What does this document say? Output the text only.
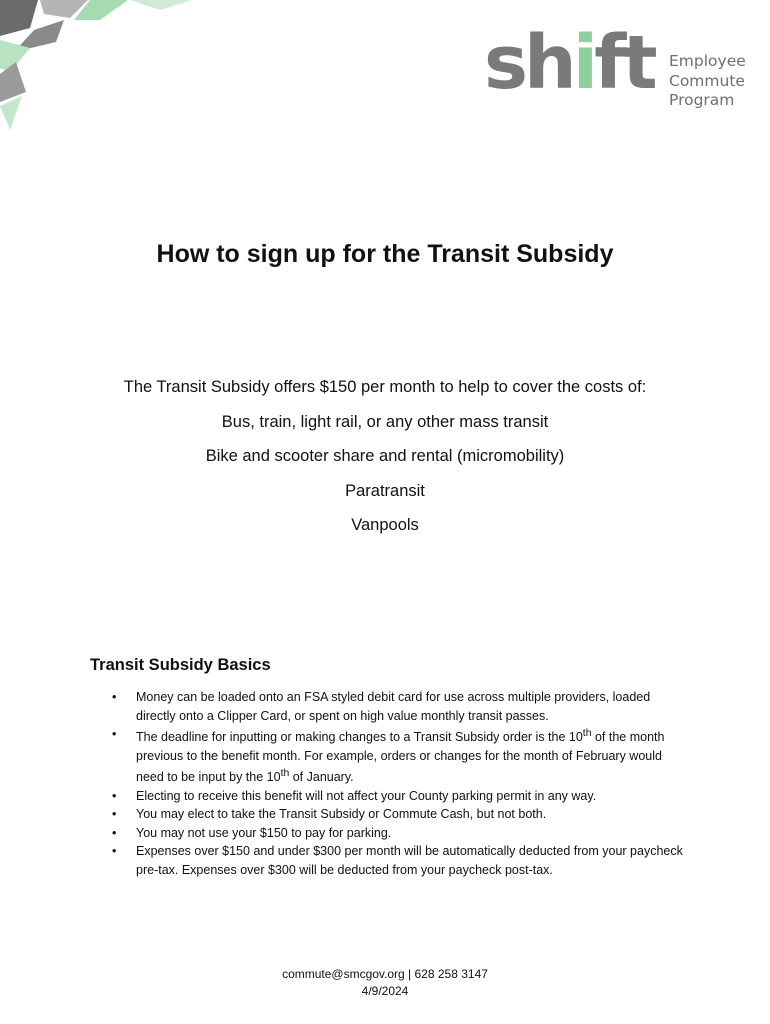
shift Employee
Commute
Program
How to sign up for the Transit Subsidy
The Transit Subsidy offers $150 per month to help to cover the costs of:
Bus, train, light rail, or any other mass transit
Bike and scooter share and rental (micromobility)
Paratransit
Vanpools
Transit Subsidy Basics
• Money can be loaded onto an FSA styled debit card for use across multiple providers, loaded directly onto a Clipper Card, or spent on high value monthly transit passes.
• The deadline for inputting or making changes to a Transit Subsidy order is the 10th of the month previous to the benefit month. For example, orders or changes for the month of February would need to be input by the 10th of January.
• Electing to receive this benefit will not affect your County parking permit in any way.
• You may elect to take the Transit Subsidy or Commute Cash, but not both.
• You may not use your $150 to pay for parking.
• Expenses over $150 and under $300 per month will be automatically deducted from your paycheck pre-tax. Expenses over $300 will be deducted from your paycheck post-tax.
commute@smcgov.org | 628 258 3147
4/9/2024
